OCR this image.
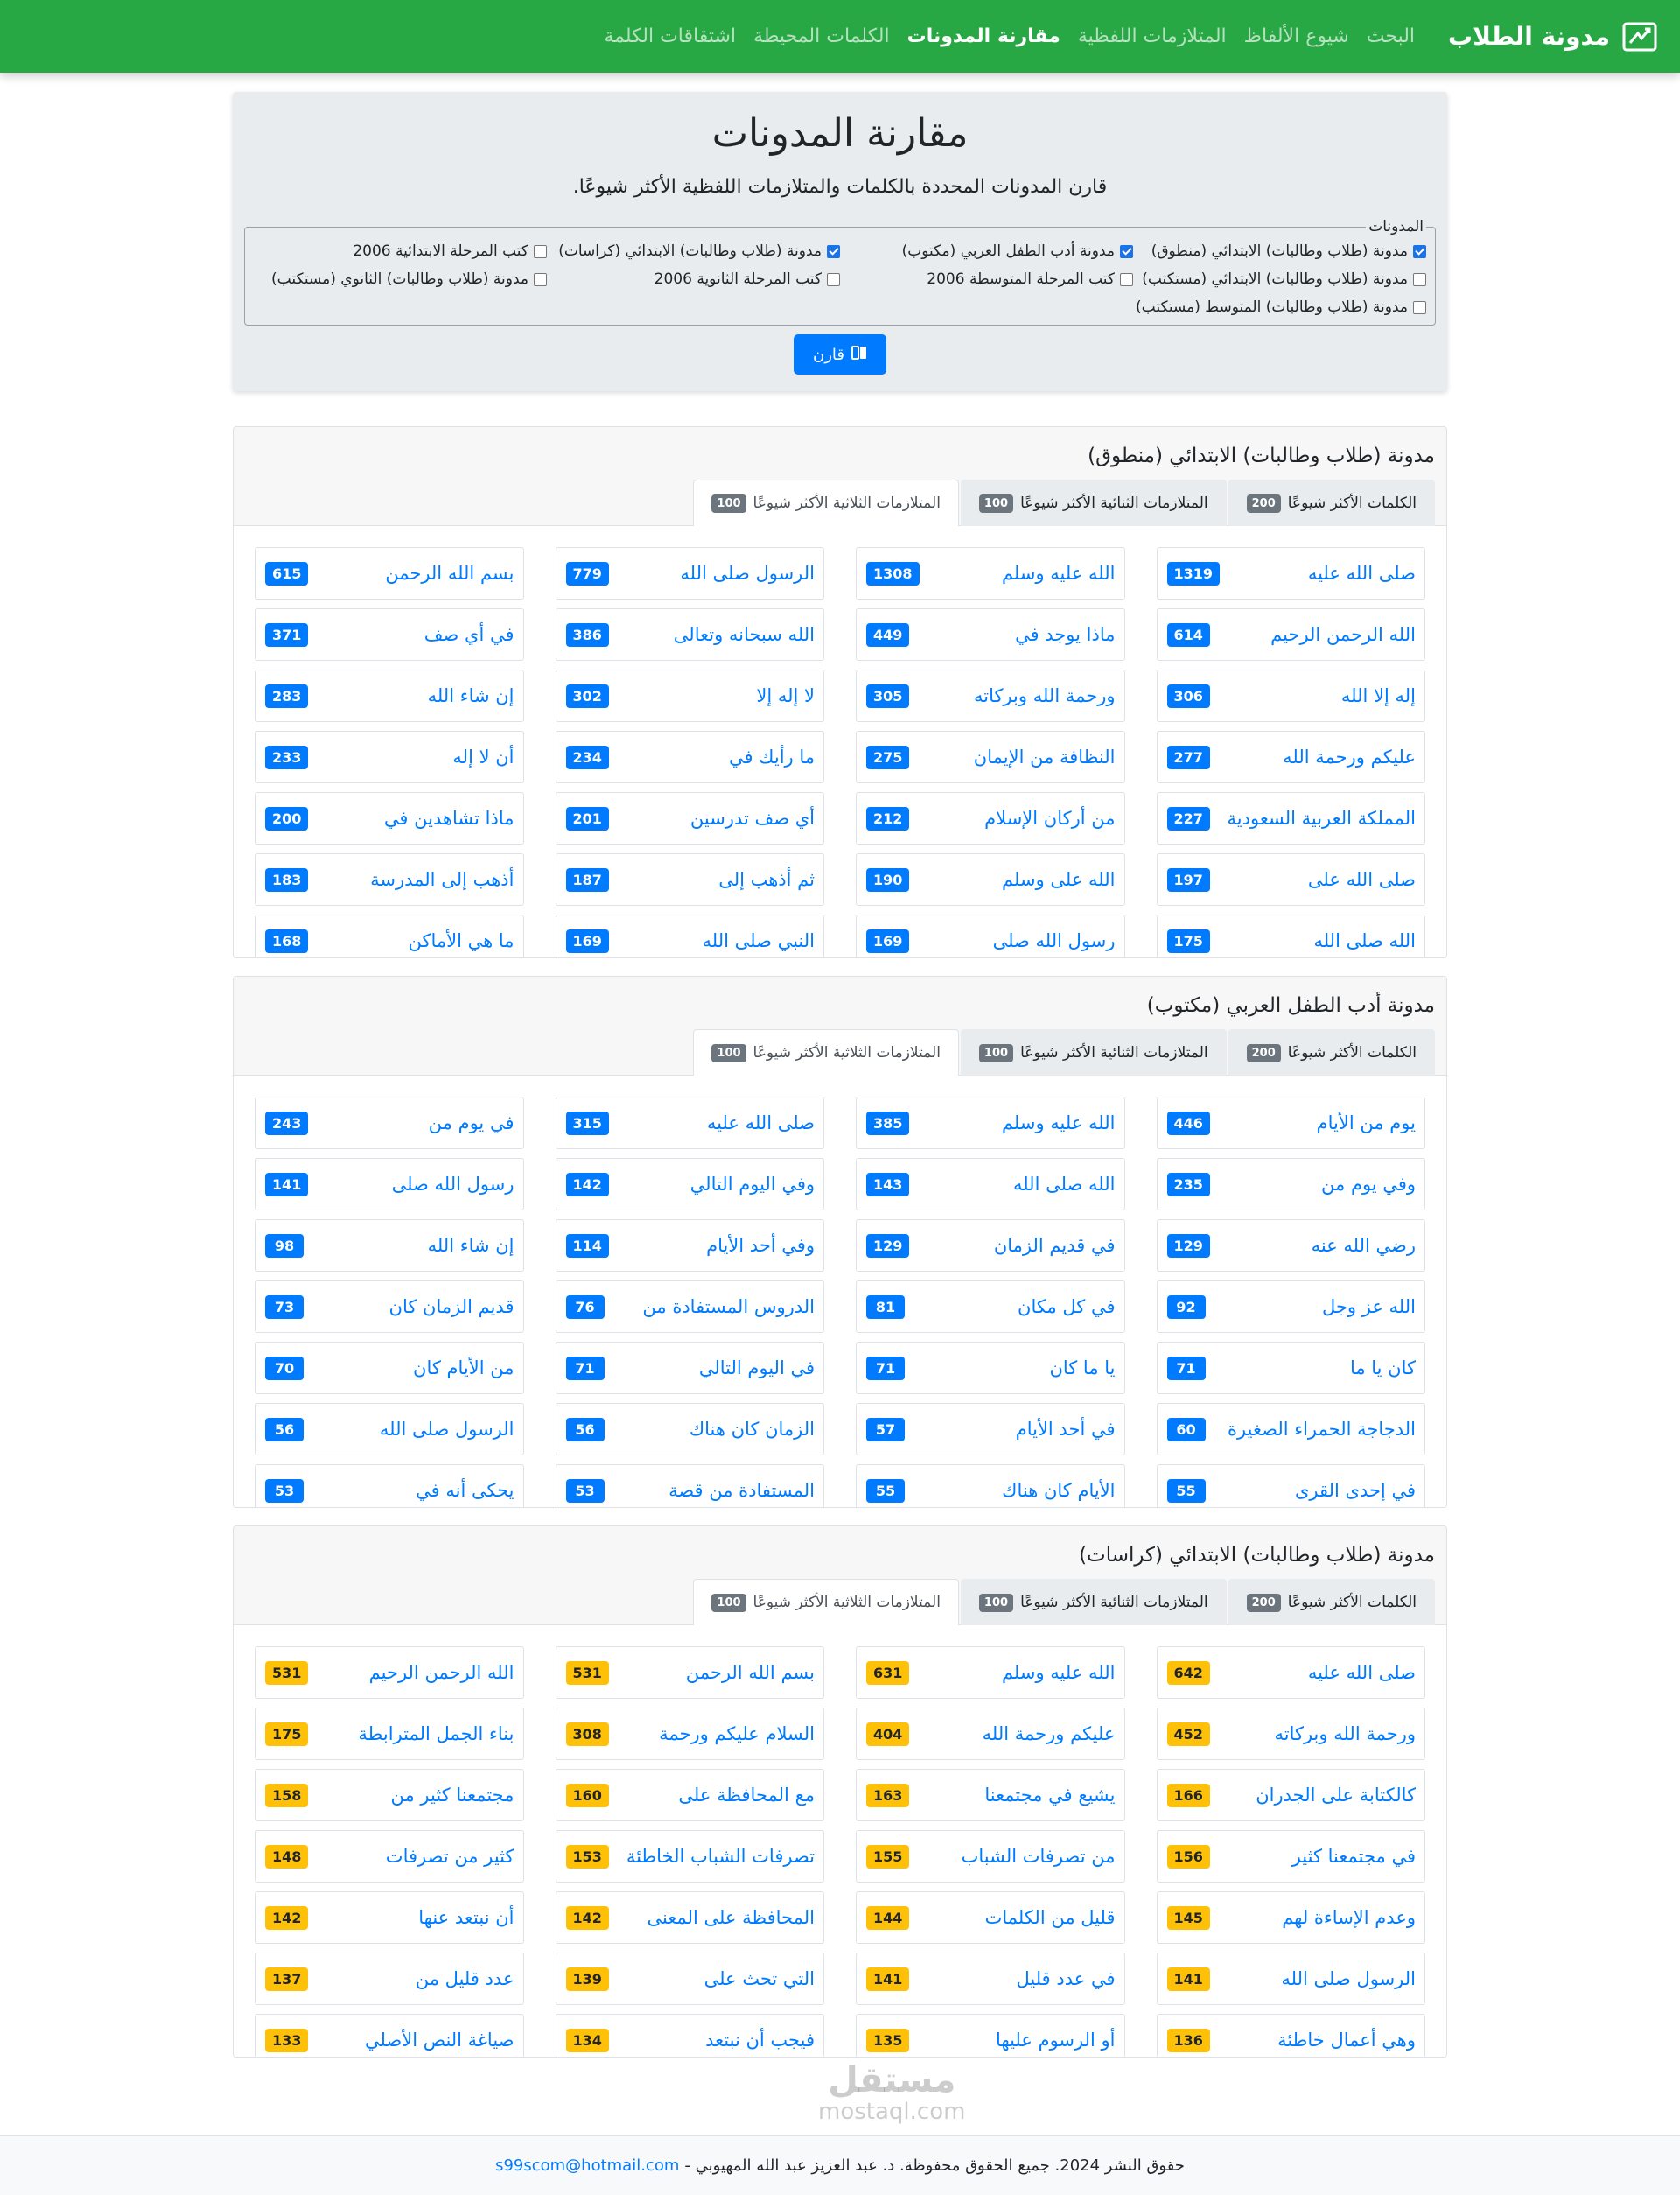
مدونة الطلاب
البحث
شيوع الألفاظ
المتلازمات اللفظية
مقارنة المدونات
الكلمات المحيطة
اشتقاقات الكلمة
مقارنة المدونات

قارن المدونات المحددة بالكلمات والمتلازمات اللفظية الأكثر شيوعًا.

المدونات
مدونة (طلاب وطالبات) الابتدائي (منطوق)
مدونة أدب الطفل العربي (مكتوب)
مدونة (طلاب وطالبات) الابتدائي (كراسات)
كتب المرحلة الابتدائية 2006
مدونة (طلاب وطالبات) الابتدائي (مستكتب)
كتب المرحلة المتوسطة 2006
كتب المرحلة الثانوية 2006
مدونة (طلاب وطالبات) الثانوي (مستكتب)
مدونة (طلاب وطالبات) المتوسط (مستكتب)
قارن
مدونة (طلاب وطالبات) الابتدائي (منطوق)
الكلمات الأكثر شيوعًا
200
المتلازمات الثنائية الأكثر شيوعًا
100
المتلازمات الثلاثية الأكثر شيوعًا
100
صلى الله عليه
1319
الله عليه وسلم
1308
الرسول صلى الله
779
بسم الله الرحمن
615
الله الرحمن الرحيم
614
ماذا يوجد في
449
الله سبحانه وتعالى
386
في أي صف
371
إله إلا الله
306
ورحمة الله وبركاته
305
لا إله إلا
302
إن شاء الله
283
عليكم ورحمة الله
277
النظافة من الإيمان
275
ما رأيك في
234
أن لا إله
233
المملكة العربية السعودية
227
من أركان الإسلام
212
أي صف تدرسين
201
ماذا تشاهدين في
200
صلى الله على
197
الله على وسلم
190
ثم أذهب إلى
187
أذهب إلى المدرسة
183
الله صلى الله
175
رسول الله صلى
169
النبي صلى الله
169
ما هي الأماكن
168
مدونة أدب الطفل العربي (مكتوب)
الكلمات الأكثر شيوعًا
200
المتلازمات الثنائية الأكثر شيوعًا
100
المتلازمات الثلاثية الأكثر شيوعًا
100
يوم من الأيام
446
الله عليه وسلم
385
صلى الله عليه
315
في يوم من
243
وفي يوم من
235
الله صلى الله
143
وفي اليوم التالي
142
رسول الله صلى
141
رضي الله عنه
129
في قديم الزمان
129
وفي أحد الأيام
114
إن شاء الله
98
الله عز وجل
92
في كل مكان
81
الدروس المستفادة من
76
قديم الزمان كان
73
كان يا ما
71
يا ما كان
71
في اليوم التالي
71
من الأيام كان
70
الدجاجة الحمراء الصغيرة
60
في أحد الأيام
57
الزمان كان هناك
56
الرسول صلى الله
56
في إحدى القرى
55
الأيام كان هناك
55
المستفادة من قصة
53
يحكى أنه في
53
مدونة (طلاب وطالبات) الابتدائي (كراسات)
الكلمات الأكثر شيوعًا
200
المتلازمات الثنائية الأكثر شيوعًا
100
المتلازمات الثلاثية الأكثر شيوعًا
100
صلى الله عليه
642
الله عليه وسلم
631
بسم الله الرحمن
531
الله الرحمن الرحيم
531
ورحمة الله وبركاته
452
عليكم ورحمة الله
404
السلام عليكم ورحمة
308
بناء الجمل المترابطة
175
كالكتابة على الجدران
166
يشيع في مجتمعنا
163
مع المحافظة على
160
مجتمعنا كثير من
158
في مجتمعنا كثير
156
من تصرفات الشباب
155
تصرفات الشباب الخاطئة
153
كثير من تصرفات
148
وعدم الإساءة لهم
145
قليل من الكلمات
144
المحافظة على المعنى
142
أن نبتعد عنها
142
الرسول صلى الله
141
في عدد قليل
141
التي تحث على
139
عدد قليل من
137
وهي أعمال خاطئة
136
أو الرسوم عليها
135
فيجب أن نبتعد
134
صياغة النص الأصلي
133
مستقل
mostaql.com
حقوق النشر 2024. جميع الحقوق محفوظة. د. عبد العزيز عبد الله المهيوبي -
s99scom@hotmail.com
